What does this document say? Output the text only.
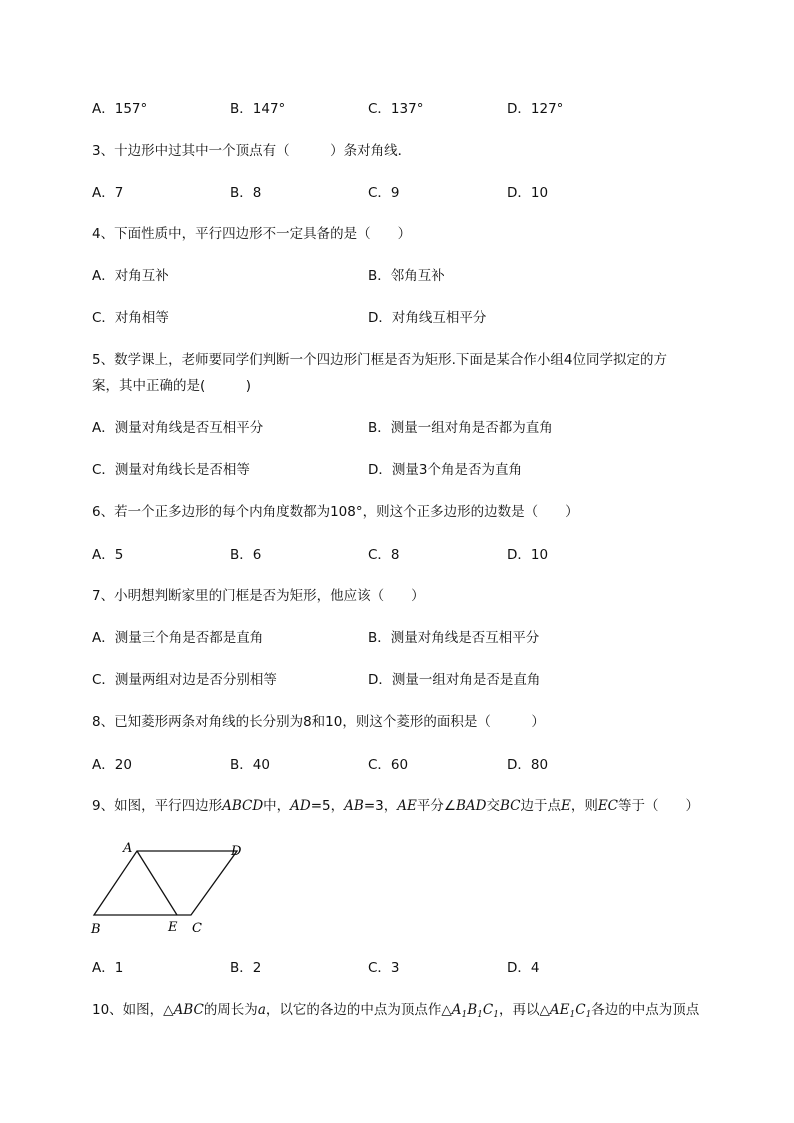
A．157°	B．147°	C．137°	D．127°
3、十边形中过其中一个顶点有（　　　）条对角线．
A．7	B．8	C．9	D．10
4、下面性质中，平行四边形不一定具备的是（　　）
A．对角互补	B．邻角互补
C．对角相等	D．对角线互相平分
5、数学课上，老师要同学们判断一个四边形门框是否为矩形.下面是某合作小组4位同学拟定的方
案，其中正确的是(　　　)
A．测量对角线是否互相平分	B．测量一组对角是否都为直角
C．测量对角线长是否相等	D．测量3个角是否为直角
6、若一个正多边形的每个内角度数都为108°，则这个正多边形的边数是（　　）
A．5	B．6	C．8	D．10
7、小明想判断家里的门框是否为矩形，他应该（　　）
A．测量三个角是否都是直角	B．测量对角线是否互相平分
C．测量两组对边是否分别相等	D．测量一组对角是否是直角
8、已知菱形两条对角线的长分别为8和10，则这个菱形的面积是（　　　）
A．20	B．40	C．60	D．80
9、如图，平行四边形ABCD中，AD=5，AB=3，AE平分∠BAD交BC边于点E，则EC等于（　　）
A	D
B	E C
A．1	B．2	C．3	D．4
10、如图，△ABC的周长为a，以它的各边的中点为顶点作$\triangle A_1B_1C_1$，再以$\triangle AE_1C_1$各边的中点为顶点
